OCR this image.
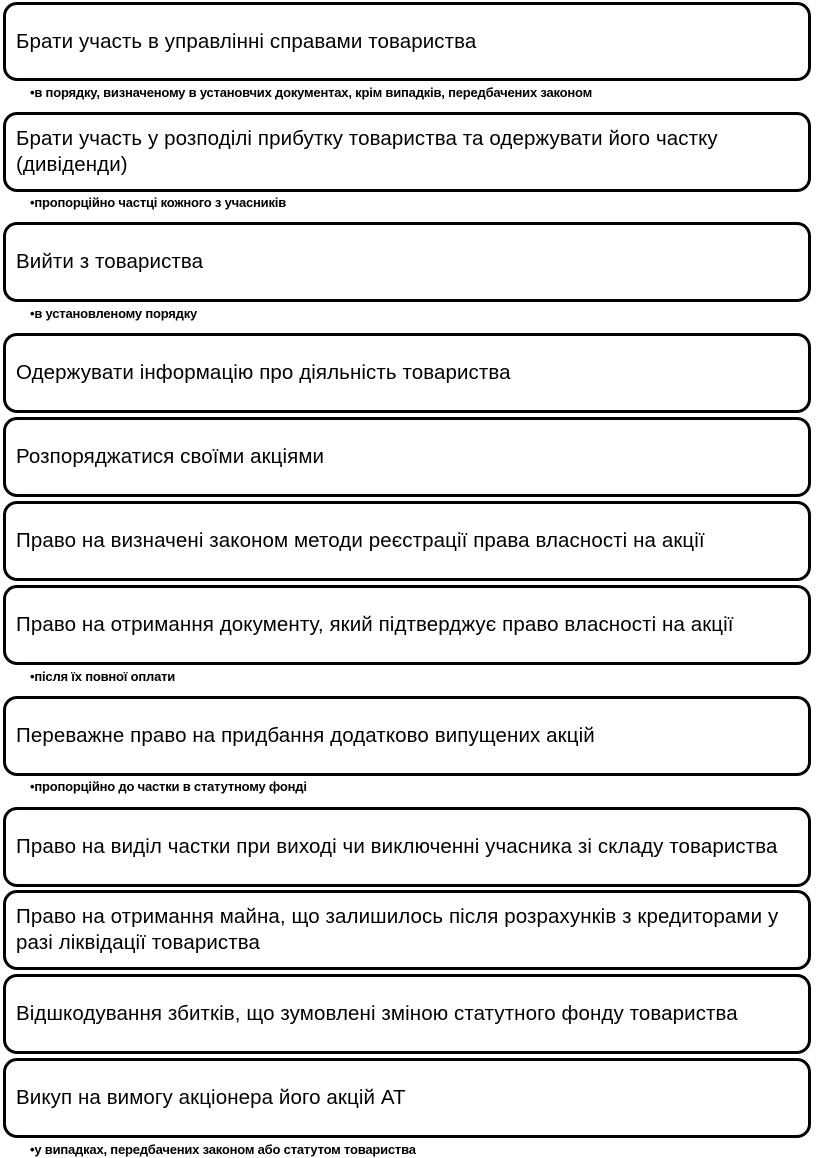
Брати участь в управлінні справами товариства
•в порядку, визначеному в установчих документах, крім випадків, передбачених законом
Брати участь у розподілі прибутку товариства та одержувати його частку (дивіденди)
•пропорційно частці кожного з учасників
Вийти з товариства
•в установленому порядку
Одержувати інформацію про діяльність товариства
Розпоряджатися своїми акціями
Право на визначені законом методи реєстрації права власності на акції
Право на отримання документу, який підтверджує право власності на акції
•після їх повної оплати
Переважне право на придбання додатково випущених акцій
•пропорційно до частки в статутному фонді
Право на виділ частки при виході чи виключенні учасника зі складу товариства
Право на отримання майна, що залишилось після розрахунків з кредиторами у разі ліквідації товариства
Відшкодування збитків, що зумовлені зміною статутного фонду товариства
Викуп на вимогу акціонера його акцій АТ
•у випадках, передбачених законом або статутом товариства
